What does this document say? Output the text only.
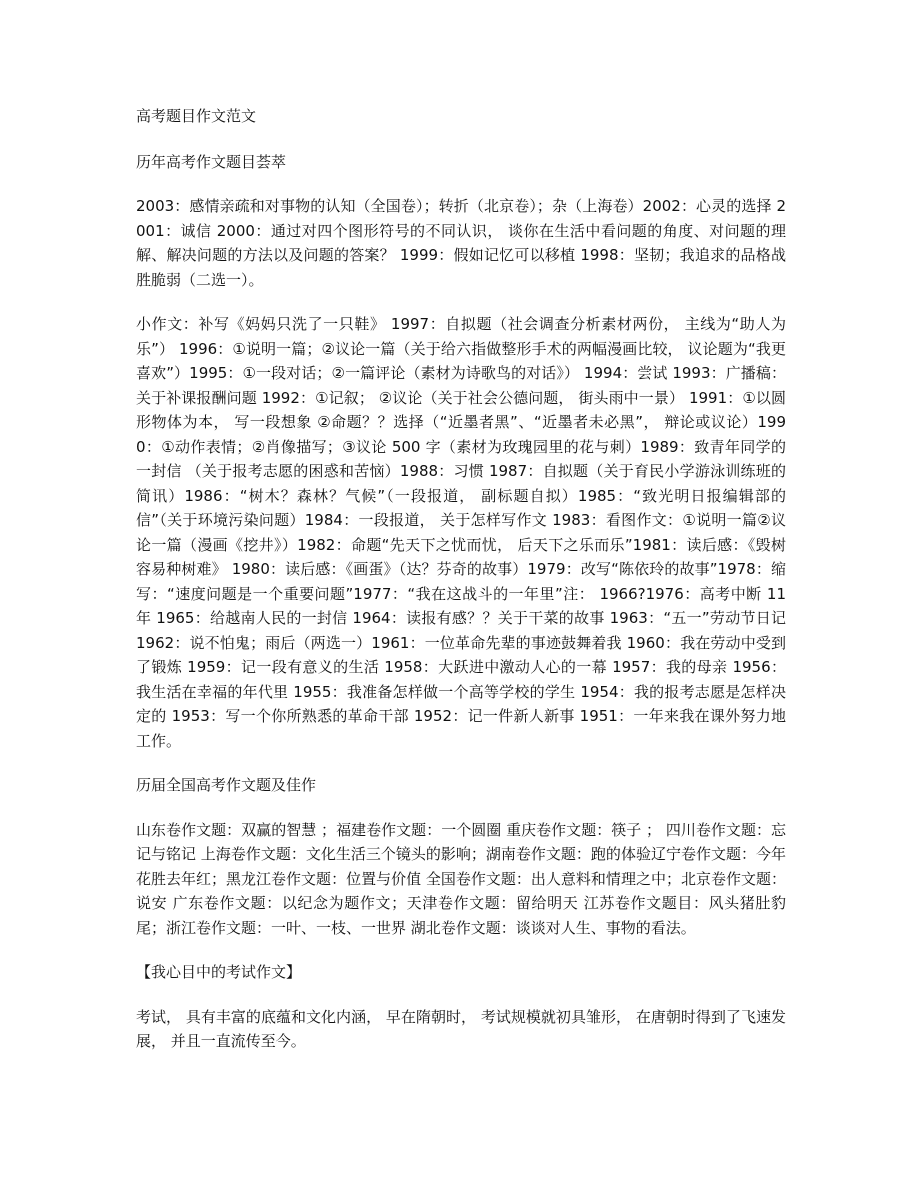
高考题目作文范文

历年高考作文题目荟萃

2003：感情亲疏和对事物的认知（全国卷）；转折（北京卷）；杂（上海卷）2002：心灵的选择 2001：诚信 2000：通过对四个图形符号的不同认识， 谈你在生活中看问题的角度、对问题的理解、解决问题的方法以及问题的答案？ 1999：假如记忆可以移植 1998：坚韧；我追求的品格战胜脆弱（二选一）。

小作文：补写《妈妈只洗了一只鞋》 1997：自拟题（社会调查分析素材两份， 主线为“助人为乐”） 1996：①说明一篇；②议论一篇（关于给六指做整形手术的两幅漫画比较， 议论题为“我更喜欢”）1995：①一段对话；②一篇评论（素材为诗歌鸟的对话》） 1994：尝试 1993：广播稿：关于补课报酬问题 1992：①记叙； ②议论（关于社会公德问题， 街头雨中一景） 1991：①以圆形物体为本， 写一段想象 ②命题？？选择（“近墨者黑”、“近墨者未必黑”， 辩论或议论）1990：①动作表情；②肖像描写；③议论 500 字（素材为玫瑰园里的花与刺）1989：致青年同学的一封信 （关于报考志愿的困惑和苦恼）1988：习惯 1987：自拟题（关于育民小学游泳训练班的简讯）1986：“树木？森林？气候”（一段报道， 副标题自拟）1985：“致光明日报编辑部的信”（关于环境污染问题）1984：一段报道， 关于怎样写作文 1983：看图作文：①说明一篇②议论一篇（漫画《挖井》）1982：命题“先天下之忧而忧， 后天下之乐而乐”1981：读后感：《毁树容易种树难》 1980：读后感：《画蛋》（达？芬奇的故事）1979：改写“陈依玲的故事”1978：缩写：“速度问题是一个重要问题”1977：“我在这战斗的一年里”注： 1966?1976：高考中断 11 年 1965：给越南人民的一封信 1964：读报有感？？关于干菜的故事 1963：“五一”劳动节日记 1962：说不怕鬼；雨后（两选一）1961：一位革命先辈的事迹鼓舞着我 1960：我在劳动中受到了锻炼 1959：记一段有意义的生活 1958：大跃进中激动人心的一幕 1957：我的母亲 1956：我生活在幸福的年代里 1955：我准备怎样做一个高等学校的学生 1954：我的报考志愿是怎样决定的 1953：写一个你所熟悉的革命干部 1952：记一件新人新事 1951：一年来我在课外努力地工作。

历届全国高考作文题及佳作

山东卷作文题：双赢的智慧 ；福建卷作文题：一个圆圈 重庆卷作文题：筷子 ； 四川卷作文题：忘记与铭记 上海卷作文题：文化生活三个镜头的影响；湖南卷作文题：跑的体验辽宁卷作文题：今年花胜去年红；黑龙江卷作文题：位置与价值 全国卷作文题：出人意料和情理之中；北京卷作文题：说安 广东卷作文题：以纪念为题作文；天津卷作文题：留给明天 江苏卷作文题目：风头猪肚豹尾；浙江卷作文题：一叶、一枝、一世界 湖北卷作文题：谈谈对人生、事物的看法。

【我心目中的考试作文】

考试， 具有丰富的底蕴和文化内涵， 早在隋朝时， 考试规模就初具雏形， 在唐朝时得到了飞速发展， 并且一直流传至今。
